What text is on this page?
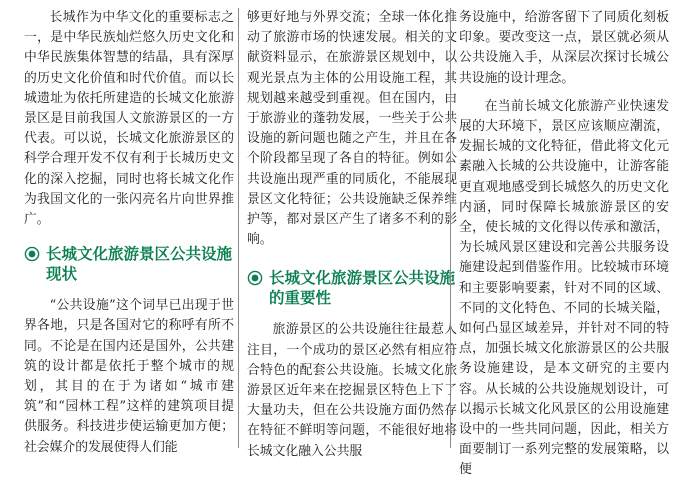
长城作为中华文化的重要标志之一，是中华民族灿烂悠久历史文化和中华民族集体智慧的结晶，具有深厚的历史文化价值和时代价值。而以长城遗址为依托所建造的长城文化旅游景区是目前我国人文旅游景区的一方代表。可以说，长城文化旅游景区的科学合理开发不仅有利于长城历史文化的深入挖掘，同时也将长城文化作为我国文化的一张闪亮名片向世界推广。

长城文化旅游景区公共设施现状

“公共设施”这个词早已出现于世界各地，只是各国对它的称呼有所不同。不论是在国内还是国外，公共建筑的设计都是依托于整个城市的规划，其目的在于为诸如“城市建筑”和“园林工程”这样的建筑项目提供服务。科技进步使运输更加方便；社会媒介的发展使得人们能

够更好地与外界交流；全球一体化推动了旅游市场的快速发展。相关的文献资料显示，在旅游景区规划中，以观光景点为主体的公用设施工程，其规划越来越受到重视。但在国内，由于旅游业的蓬勃发展，一些关于公共设施的新问题也随之产生，并且在各个阶段都呈现了各自的特征。例如公共设施出现严重的同质化，不能展现景区文化特征；公共设施缺乏保养维护等，都对景区产生了诸多不利的影响。

长城文化旅游景区公共设施的重要性

旅游景区的公共设施往往最惹人注目，一个成功的景区必然有相应符合特色的配套公共设施。长城文化旅游景区近年来在挖掘景区特色上下了大量功夫，但在公共设施方面仍然存在特征不鲜明等问题，不能很好地将长城文化融入公共服

务设施中，给游客留下了同质化刻板印象。要改变这一点，景区就必须从公共设施入手，从深层次探讨长城公共设施的设计理念。

在当前长城文化旅游产业快速发展的大环境下，景区应该顺应潮流，发掘长城的文化特征，借此将文化元素融入长城的公共设施中，让游客能更直观地感受到长城悠久的历史文化内涵，同时保障长城旅游景区的安全，使长城的文化得以传承和激活，为长城风景区建设和完善公共服务设施建设起到借鉴作用。比较城市环境和主要影响要素，针对不同的区域、不同的文化特色、不同的长城关隘，如何凸显区域差异，并针对不同的特点，加强长城文化旅游景区的公共服务设施建设，是本文研究的主要内容。从长城的公共设施规划设计，可以揭示长城文化风景区的公用设施建设中的一些共同问题，因此，相关方面要制订一系列完整的发展策略，以便
